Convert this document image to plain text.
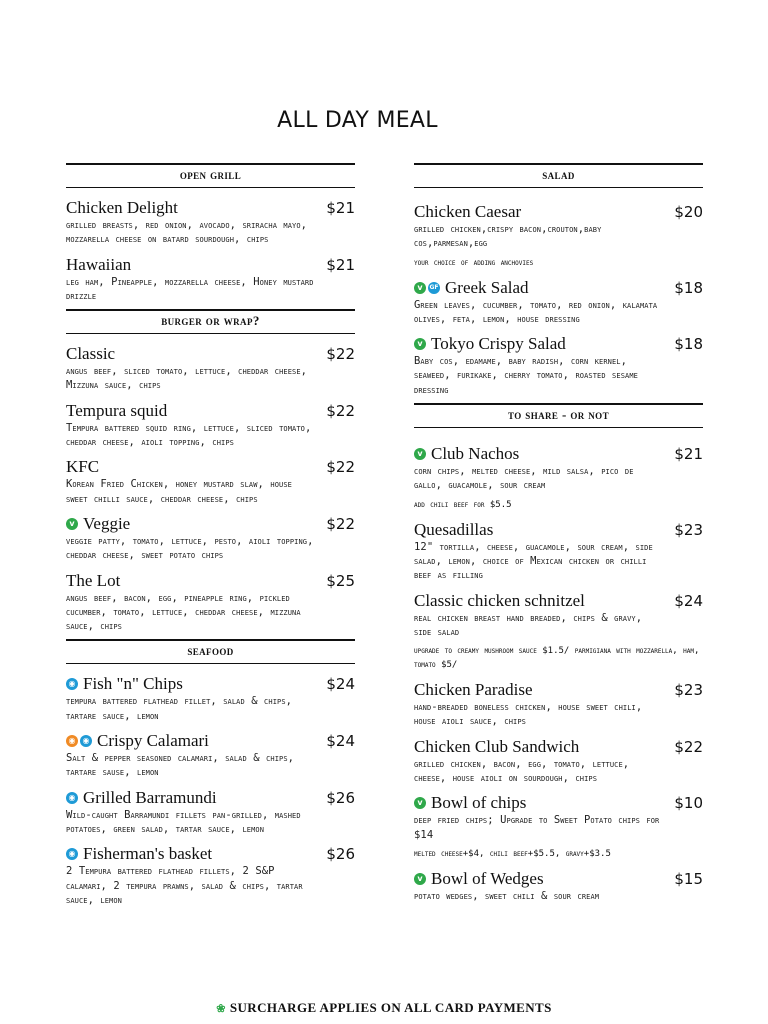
ALL DAY MEAL
open grill
Chicken Delight	$21
grilled breasts, red onion, avocado, sriracha mayo, mozzarella cheese on batard sourdough, chips
Hawaiian	$21
leg ham, Pineapple, mozzarella cheese, Honey mustard drizzle
burger or wrap?
Classic	$22
angus beef, sliced tomato, lettuce, cheddar cheese, Mizzuna sauce, chips
Tempura squid	$22
Tempura battered squid ring, lettuce, sliced tomato, cheddar cheese, aioli topping, chips
KFC	$22
Korean Fried Chicken, honey mustard slaw, house sweet chilli sauce, cheddar cheese, chips
v Veggie	$22
veggie patty, tomato, lettuce, pesto, aioli topping, cheddar cheese, sweet potato chips
The Lot	$25
angus beef, bacon, egg, pineapple ring, pickled cucumber, tomato, lettuce, cheddar cheese, mizzuna sauce, chips
seafood
◉ Fish "n" Chips	$24
tempura battered flathead fillet, salad & chips, tartare sauce, lemon
◉ ◉ Crispy Calamari	$24
Salt & pepper seasoned calamari, salad & chips, tartare sause, lemon
◉ Grilled Barramundi	$26
Wild-caught Barramundi fillets pan-grilled, mashed potatoes, green salad, tartar sauce, lemon
◉ Fisherman's basket	$26
2 Tempura battered flathead fillets, 2 S&P calamari, 2 tempura prawns, salad & chips, tartar sauce, lemon
salad
Chicken Caesar	$20
grilled chicken,crispy bacon,crouton,baby cos,parmesan,egg
your choice of adding anchovies
v	GF Greek Salad	$18
Green leaves, cucumber, tomato, red onion, kalamata olives, feta, lemon, house dressing
v Tokyo Crispy Salad	$18
Baby cos, edamame, baby radish, corn kernel, seaweed, furikake, cherry tomato, roasted sesame dressing
to share - or not
v Club Nachos	$21
corn chips, melted cheese, mild salsa, pico de gallo, guacamole, sour cream
add chili beef for $5.5
Quesadillas	$23
12" tortilla, cheese, guacamole, sour cream, side salad, lemon, choice of Mexican chicken or chilli beef as filling
Classic chicken schnitzel	$24
real chicken breast hand breaded, chips & gravy, side salad
upgrade to creamy mushroom sauce $1.5/ parmigiana with mozzarella, ham, tomato $5/
Chicken Paradise	$23
hand-breaded boneless chicken, house sweet chili, house aioli sauce, chips
Chicken Club Sandwich	$22
grilled chicken, bacon, egg, tomato, lettuce, cheese, house aioli on sourdough, chips
v Bowl of chips	$10
deep fried chips; Upgrade to Sweet Potato chips for $14
melted cheese+$4, chili beef+$5.5, gravy+$3.5
v Bowl of Wedges	$15
potato wedges, sweet chili & sour cream
❀ SURCHARGE APPLIES ON ALL CARD PAYMENTS
